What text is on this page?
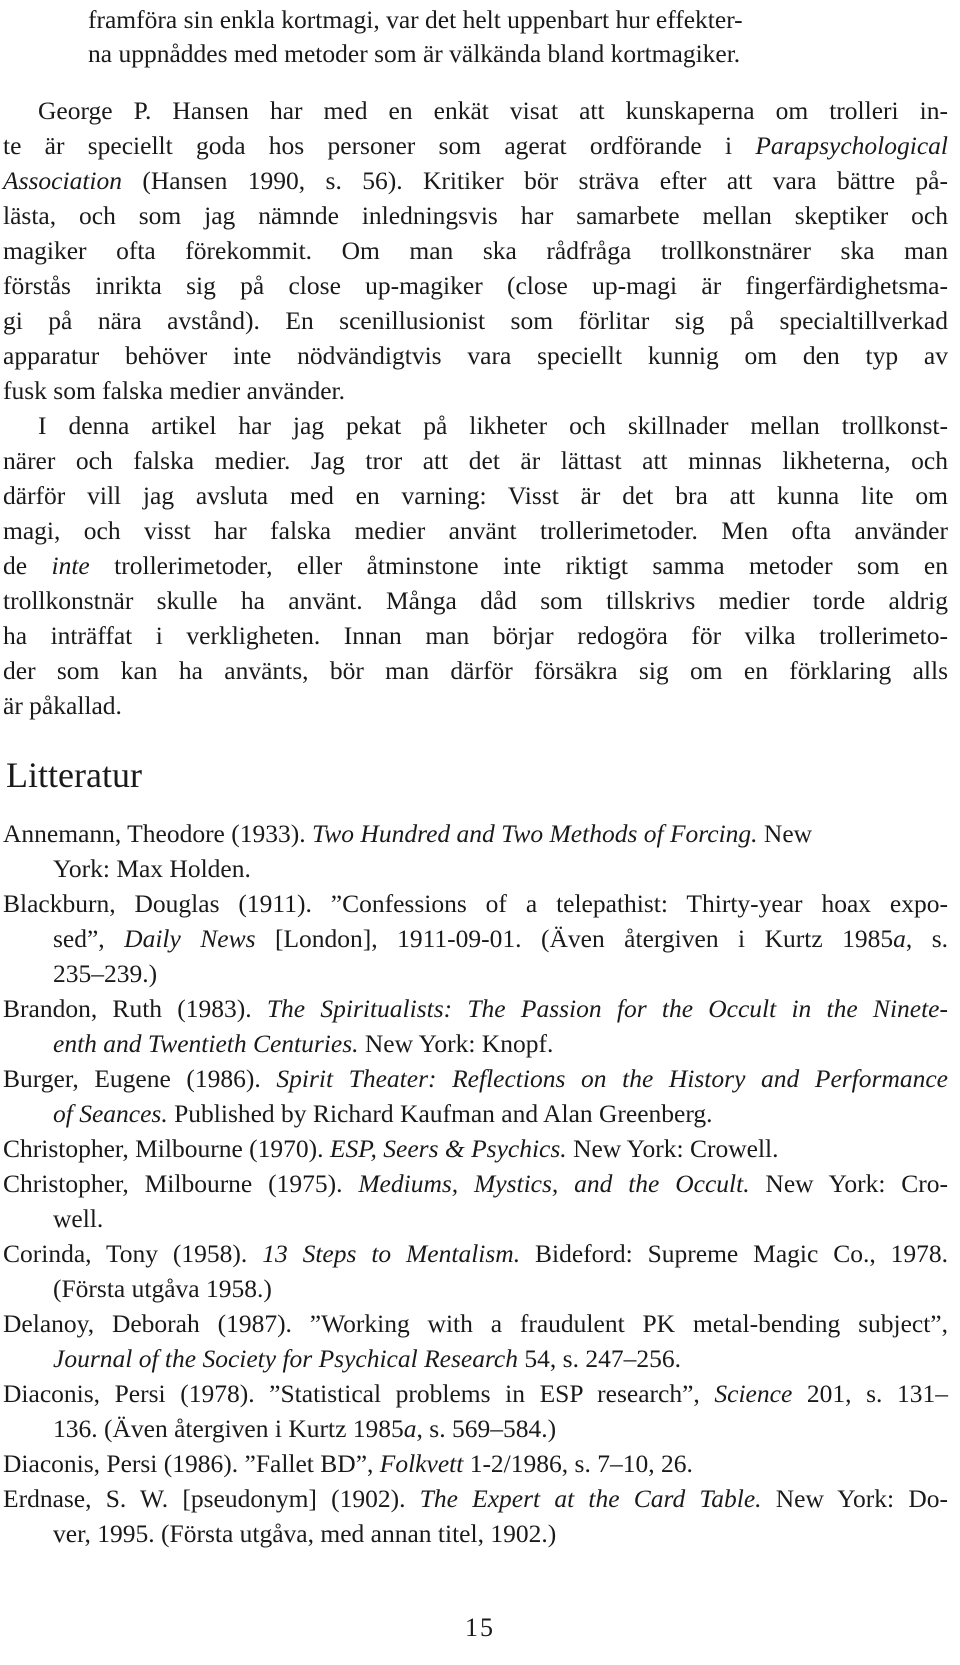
framföra sin enkla kortmagi, var det helt uppenbart hur effekter-
na uppnåddes med metoder som är välkända bland kortmagiker.
George P. Hansen har med en enkät visat att kunskaperna om trolleri in-
te är speciellt goda hos personer som agerat ordförande i Parapsychological
Association (Hansen 1990, s. 56). Kritiker bör sträva efter att vara bättre på-
lästa, och som jag nämnde inledningsvis har samarbete mellan skeptiker och
magiker ofta förekommit. Om man ska rådfråga trollkonstnärer ska man
förstås inrikta sig på close up-magiker (close up-magi är fingerfärdighetsma-
gi på nära avstånd). En scenillusionist som förlitar sig på specialtillverkad
apparatur behöver inte nödvändigtvis vara speciellt kunnig om den typ av
fusk som falska medier använder.
I denna artikel har jag pekat på likheter och skillnader mellan trollkonst-
närer och falska medier. Jag tror att det är lättast att minnas likheterna, och
därför vill jag avsluta med en varning: Visst är det bra att kunna lite om
magi, och visst har falska medier använt trollerimetoder. Men ofta använder
de inte trollerimetoder, eller åtminstone inte riktigt samma metoder som en
trollkonstnär skulle ha använt. Många dåd som tillskrivs medier torde aldrig
ha inträffat i verkligheten. Innan man börjar redogöra för vilka trollerimeto-
der som kan ha använts, bör man därför försäkra sig om en förklaring alls
är påkallad.
Litteratur
Annemann, Theodore (1933). Two Hundred and Two Methods of Forcing. New
York: Max Holden.
Blackburn, Douglas (1911). ”Confessions of a telepathist: Thirty-year hoax expo-
sed”, Daily News [London], 1911-09-01. (Även återgiven i Kurtz 1985a, s.
235–239.)
Brandon, Ruth (1983). The Spiritualists: The Passion for the Occult in the Ninete-
enth and Twentieth Centuries. New York: Knopf.
Burger, Eugene (1986). Spirit Theater: Reflections on the History and Performance
of Seances. Published by Richard Kaufman and Alan Greenberg.
Christopher, Milbourne (1970). ESP, Seers & Psychics. New York: Crowell.
Christopher, Milbourne (1975). Mediums, Mystics, and the Occult. New York: Cro-
well.
Corinda, Tony (1958). 13 Steps to Mentalism. Bideford: Supreme Magic Co., 1978.
(Första utgåva 1958.)
Delanoy, Deborah (1987). ”Working with a fraudulent PK metal-bending subject”,
Journal of the Society for Psychical Research 54, s. 247–256.
Diaconis, Persi (1978). ”Statistical problems in ESP research”, Science 201, s. 131–
136. (Även återgiven i Kurtz 1985a, s. 569–584.)
Diaconis, Persi (1986). ”Fallet BD”, Folkvett 1-2/1986, s. 7–10, 26.
Erdnase, S. W. [pseudonym] (1902). The Expert at the Card Table. New York: Do-
ver, 1995. (Första utgåva, med annan titel, 1902.)
15
